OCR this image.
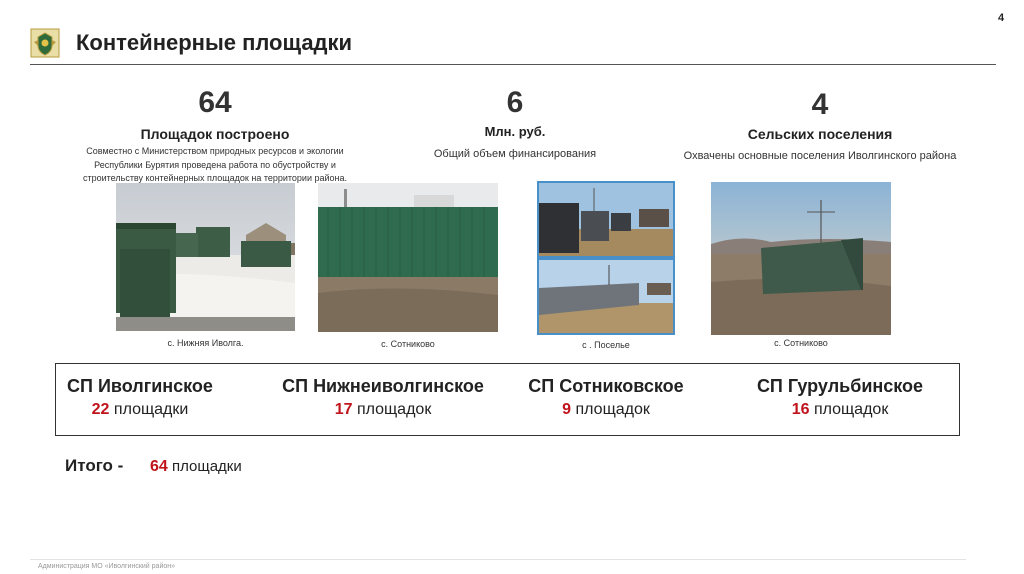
Контейнерные площадки
4
64
Площадок построено
Совместно с Министерством природных ресурсов и экологии
Республики Бурятия проведена работа по обустройству и
строительству контейнерных площадок на территории района.
6
Млн. руб.
Общий объем финансирования
4
Сельских поселения
Охвачены основные поселения Иволгинского района
с. Нижняя Иволга.	с. Сотниково	с . Поселье	с. Сотниково
СП Иволгинское
22 площадки
СП Нижнеиволгинское
17 площадок
СП Сотниковское
9 площадок
СП Гурульбинское
16 площадок
Итого - 64 площадки
Администрация МО «Иволгинский район»
